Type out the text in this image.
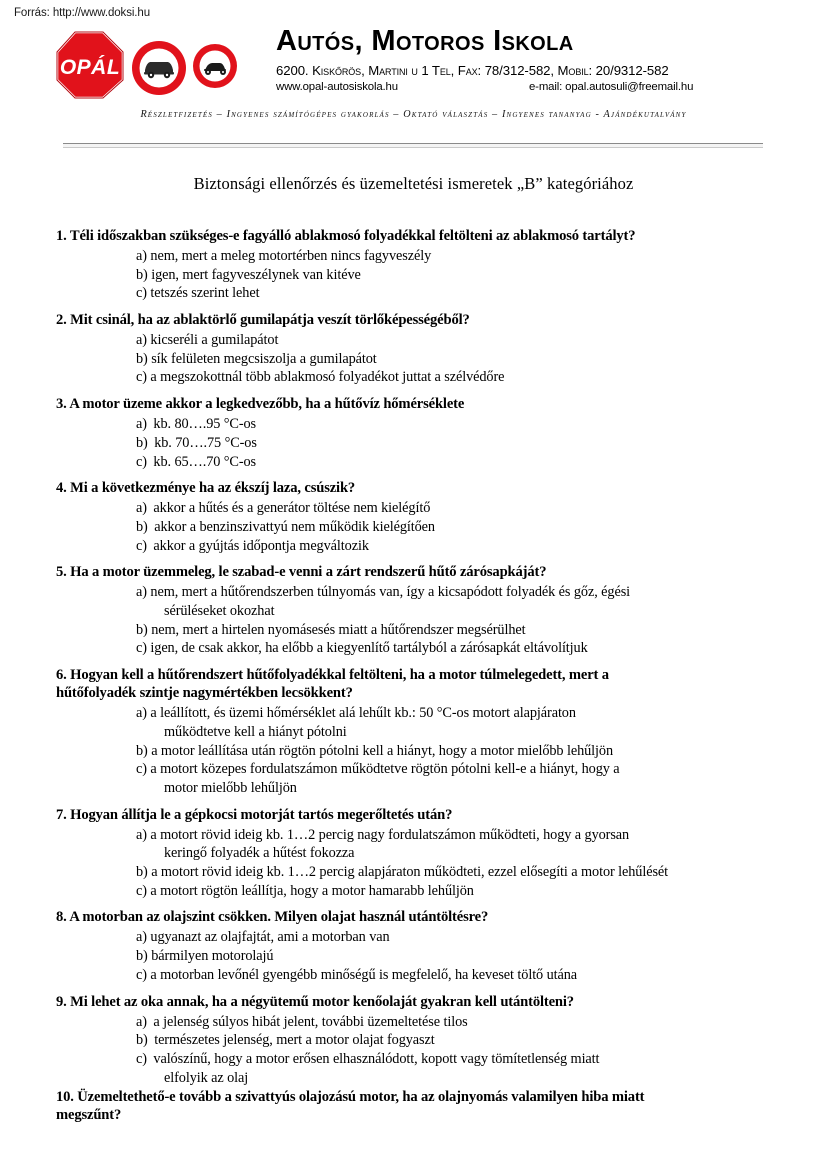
Forrás: http://www.doksi.hu
OPÁL
Autós, Motoros Iskola
6200. Kiskőrös, Martini u 1 Tel, Fax: 78/312-582, Mobil: 20/9312-582
www.opal-autosiskola.hu	e-mail: opal.autosuli@freemail.hu
Részletfizetés – Ingyenes számítógépes gyakorlás – Oktató választás – Ingyenes tananyag - Ajándékutalvány
Biztonsági ellenőrzés és üzemeltetési ismeretek „B” kategóriához

1. Téli időszakban szükséges-e fagyálló ablakmosó folyadékkal feltölteni az ablakmosó tartályt?

a) nem, mert a meleg motortérben nincs fagyveszély
b) igen, mert fagyveszélynek van kitéve
c) tetszés szerint lehet

2. Mit csinál, ha az ablaktörlő gumilapátja veszít törlőképességéből?

a) kicseréli a gumilapátot
b) sík felületen megcsiszolja a gumilapátot
c) a megszokottnál több ablakmosó folyadékot juttat a szélvédőre

3. A motor üzeme akkor a legkedvezőbb, ha a hűtővíz hőmérséklete

a) kb. 80….95 °C-os
b) kb. 70….75 °C-os
c) kb. 65….70 °C-os

4. Mi a következménye ha az ékszíj laza, csúszik?

a) akkor a hűtés és a generátor töltése nem kielégítő
b) akkor a benzinszivattyú nem működik kielégítően
c) akkor a gyújtás időpontja megváltozik

5. Ha a motor üzemmeleg, le szabad-e venni a zárt rendszerű hűtő zárósapkáját?

a) nem, mert a hűtőrendszerben túlnyomás van, így a kicsapódott folyadék és gőz, égési
sérüléseket okozhat
b) nem, mert a hirtelen nyomásesés miatt a hűtőrendszer megsérülhet
c) igen, de csak akkor, ha előbb a kiegyenlítő tartályból a zárósapkát eltávolítjuk

6. Hogyan kell a hűtőrendszert hűtőfolyadékkal feltölteni, ha a motor túlmelegedett, mert a hűtőfolyadék szintje nagymértékben lecsökkent?

a) a leállított, és üzemi hőmérséklet alá lehűlt kb.: 50 °C-os motort alapjáraton
működtetve kell a hiányt pótolni
b) a motor leállítása után rögtön pótolni kell a hiányt, hogy a motor mielőbb lehűljön
c) a motort közepes fordulatszámon működtetve rögtön pótolni kell-e a hiányt, hogy a
motor mielőbb lehűljön

7. Hogyan állítja le a gépkocsi motorját tartós megerőltetés után?

a) a motort rövid ideig kb. 1…2 percig nagy fordulatszámon működteti, hogy a gyorsan
keringő folyadék a hűtést fokozza
b) a motort rövid ideig kb. 1…2 percig alapjáraton működteti, ezzel elősegíti a motor lehűlését
c) a motort rögtön leállítja, hogy a motor hamarabb lehűljön

8. A motorban az olajszint csökken. Milyen olajat használ utántöltésre?

a) ugyanazt az olajfajtát, ami a motorban van
b) bármilyen motorolajú
c) a motorban levőnél gyengébb minőségű is megfelelő, ha keveset töltő utána

9. Mi lehet az oka annak, ha a négyütemű motor kenőolaját gyakran kell utántölteni?

a) a jelenség súlyos hibát jelent, további üzemeltetése tilos
b) természetes jelenség, mert a motor olajat fogyaszt
c) valószínű, hogy a motor erősen elhasználódott, kopott vagy tömítetlenség miatt
elfolyik az olaj
10. Üzemeltethető-e tovább a szivattyús olajozású motor, ha az olajnyomás valamilyen hiba miatt megszűnt?
